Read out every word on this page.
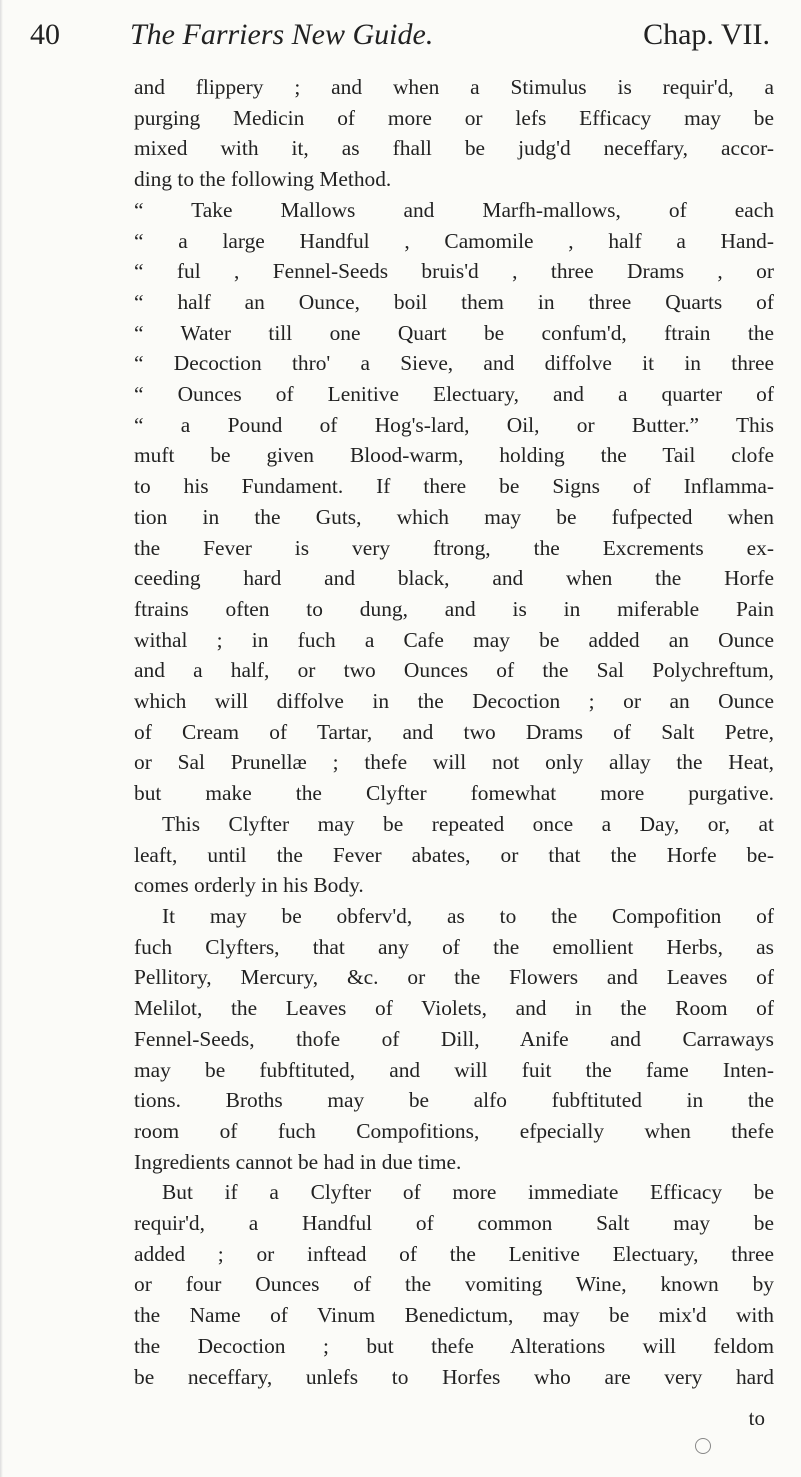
40 The Farriers New Guide.	Chap. VII.
and flippery ; and when a Stimulus is requir'd, a
purging Medicin of more or lefs Efficacy may be
mixed with it, as fhall be judg'd neceffary, accor-
ding to the following Method.
“ Take Mallows and Marfh-mallows, of each
“ a large Handful , Camomile , half a Hand-
“ ful , Fennel-Seeds bruis'd , three Drams , or
“ half an Ounce, boil them in three Quarts of
“ Water till one Quart be confum'd, ftrain the
“ Decoction thro' a Sieve, and diffolve it in three
“ Ounces of Lenitive Electuary, and a quarter of
“ a Pound of Hog's-lard, Oil, or Butter.” This
muft be given Blood-warm, holding the Tail clofe
to his Fundament. If there be Signs of Inflamma-
tion in the Guts, which may be fufpected when
the Fever is very ftrong, the Excrements ex-
ceeding hard and black, and when the Horfe
ftrains often to dung, and is in miferable Pain
withal ; in fuch a Cafe may be added an Ounce
and a half, or two Ounces of the Sal Polychreftum,
which will diffolve in the Decoction ; or an Ounce
of Cream of Tartar, and two Drams of Salt Petre,
or Sal Prunellæ ; thefe will not only allay the Heat,
but make the Clyfter fomewhat more purgative.
This Clyfter may be repeated once a Day, or, at
leaft, until the Fever abates, or that the Horfe be-
comes orderly in his Body.
It may be obferv'd, as to the Compofition of
fuch Clyfters, that any of the emollient Herbs, as
Pellitory, Mercury, &c. or the Flowers and Leaves of
Melilot, the Leaves of Violets, and in the Room of
Fennel-Seeds, thofe of Dill, Anife and Carraways
may be fubftituted, and will fuit the fame Inten-
tions. Broths may be alfo fubftituted in the
room of fuch Compofitions, efpecially when thefe
Ingredients cannot be had in due time.
But if a Clyfter of more immediate Efficacy be
requir'd, a Handful of common Salt may be
added ; or inftead of the Lenitive Electuary, three
or four Ounces of the vomiting Wine, known by
the Name of Vinum Benedictum, may be mix'd with
the Decoction ; but thefe Alterations will feldom
be neceffary, unlefs to Horfes who are very hard
to
